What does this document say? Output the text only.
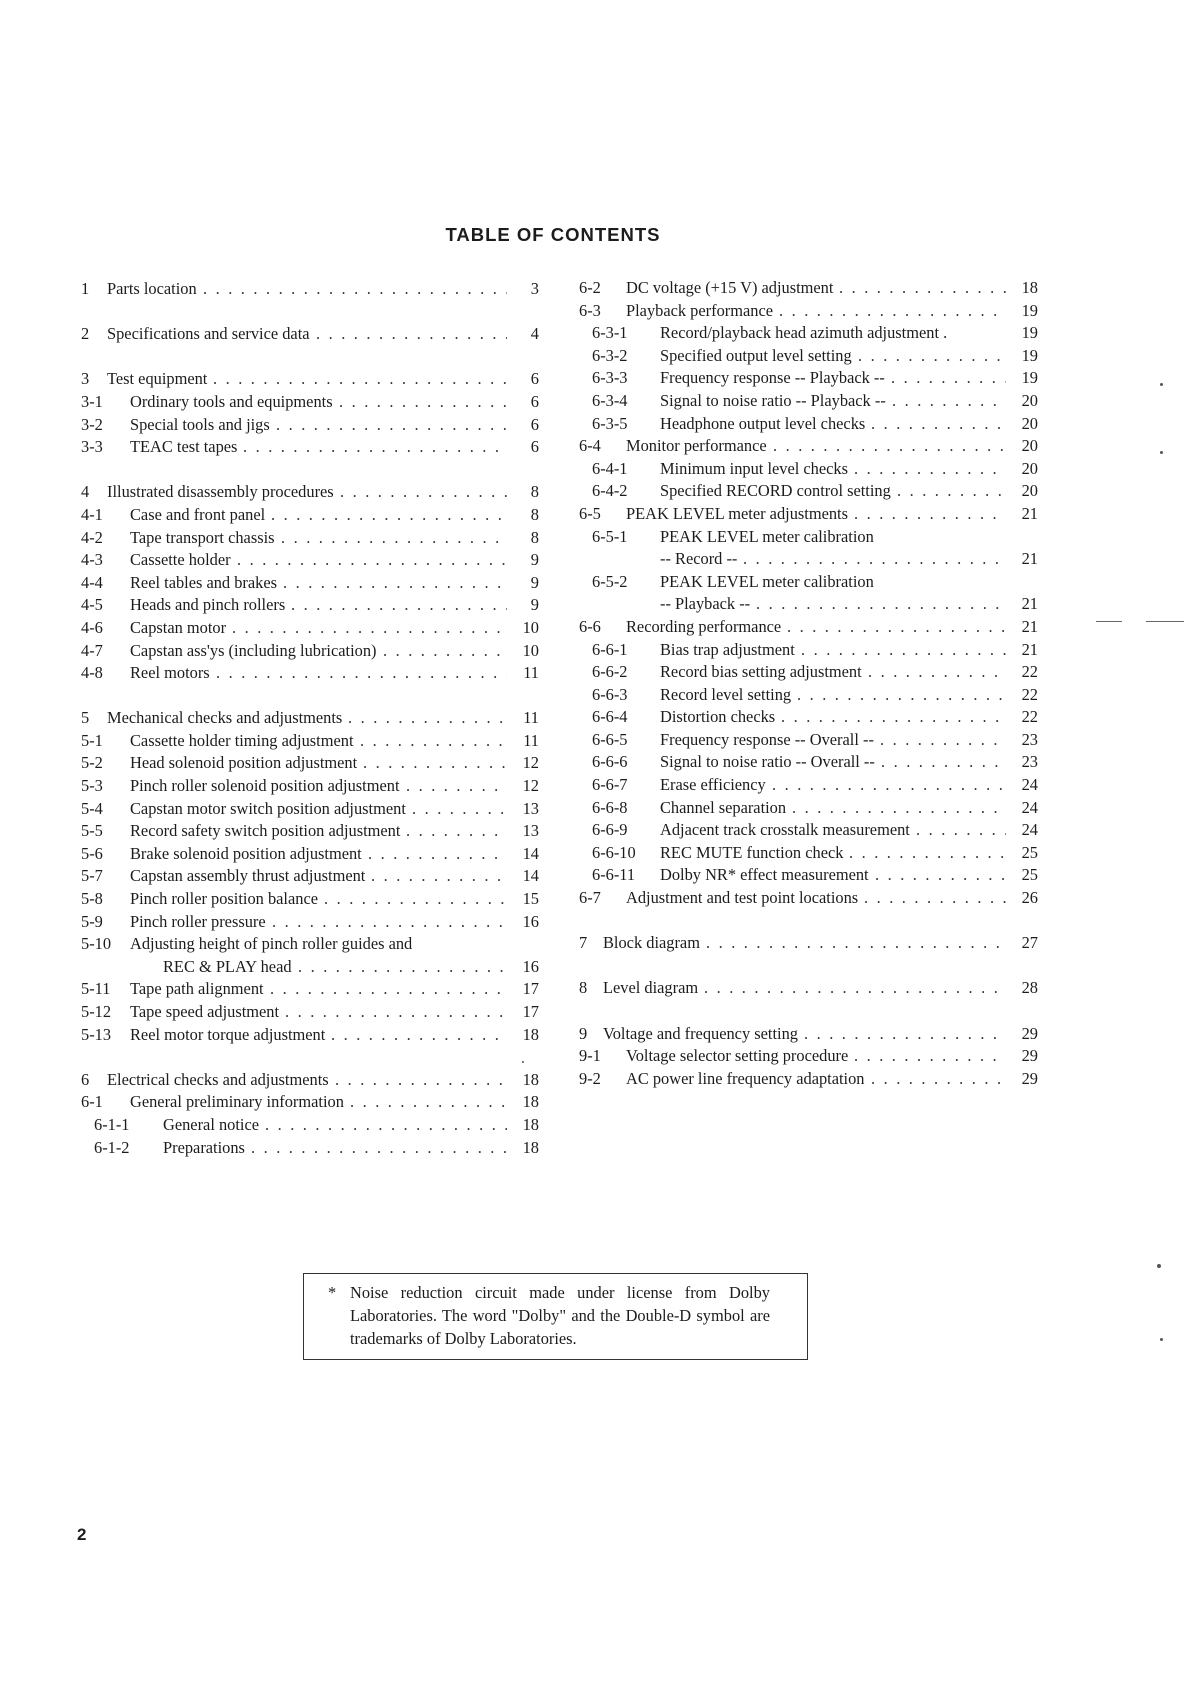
TABLE OF CONTENTS
1 Parts location	3
. . .
2 Specifications and service data	4
. . .
3 Test equipment	6
. . .
3-1 Ordinary tools and equipments	6
. . .
3-2 Special tools and jigs	6
. . .
3-3 TEAC test tapes	6
. . .
4 Illustrated disassembly procedures	8
. . .
4-1 Case and front panel	8
. . .
4-2 Tape transport chassis	8
. . .
4-3 Cassette holder	9
. . .
4-4 Reel tables and brakes	9
. . .
4-5 Heads and pinch rollers	9
. . .
4-6 Capstan motor	10
. . .
4-7 Capstan ass'ys (including lubrication)	10
. . .
4-8 Reel motors	11
. . .
5 Mechanical checks and adjustments	11
. . .
5-1 Cassette holder timing adjustment	11
. . .
5-2 Head solenoid position adjustment	12
. . .
5-3 Pinch roller solenoid position adjustment	12
. . .
5-4 Capstan motor switch position adjustment	13
. . .
5-5 Record safety switch position adjustment	13
. . .
5-6 Brake solenoid position adjustment	14
. . .
5-7 Capstan assembly thrust adjustment	14
. . .
5-8 Pinch roller position balance	15
. . .
5-9 Pinch roller pressure	16
. . .
5-10 Adjusting height of pinch roller guides and
REC & PLAY head	16
. . .
5-11 Tape path alignment	17
. . .
5-12 Tape speed adjustment	17
. . .
5-13 Reel motor torque adjustment	18
. . .
6 Electrical checks and adjustments	18
. . .
6-1 General preliminary information	18
. . .
6-1-1 General notice	18
. . .
6-1-2 Preparations	18
. . .
6-2 DC voltage (+15 V) adjustment	18
. . .
6-3 Playback performance	19
. . .
6-3-1 Record/playback head azimuth adjustment .	19
6-3-2 Specified output level setting	19
. . .
6-3-3 Frequency response -- Playback --	19
. . .
6-3-4 Signal to noise ratio -- Playback --	20
. . .
6-3-5 Headphone output level checks	20
. . .
6-4 Monitor performance	20
. . .
6-4-1 Minimum input level checks	20
. . .
6-4-2 Specified RECORD control setting	20
. . .
6-5 PEAK LEVEL meter adjustments	21
. . .
6-5-1 PEAK LEVEL meter calibration
-- Record --	21
. . .
6-5-2 PEAK LEVEL meter calibration
-- Playback --	21
. . .
6-6 Recording performance	21
. . .
6-6-1 Bias trap adjustment	21
. . .
6-6-2 Record bias setting adjustment	22
. . .
6-6-3 Record level setting	22
. . .
6-6-4 Distortion checks	22
. . .
6-6-5 Frequency response -- Overall --	23
. . .
6-6-6 Signal to noise ratio -- Overall --	23
. . .
6-6-7 Erase efficiency	24
. . .
6-6-8 Channel separation	24
. . .
6-6-9 Adjacent track crosstalk measurement	24
. . .
6-6-10 REC MUTE function check	25
. . .
6-6-11 Dolby NR* effect measurement	25
. . .
6-7 Adjustment and test point locations	26
. . .
7 Block diagram	27
. . .
8 Level diagram	28
. . .
9 Voltage and frequency setting	29
. . .
9-1 Voltage selector setting procedure	29
. . .
9-2 AC power line frequency adaptation	29
. . .
* Noise reduction circuit made under license from Dolby Laboratories. The word "Dolby" and the Double-D symbol are trademarks of Dolby Laboratories.

2
